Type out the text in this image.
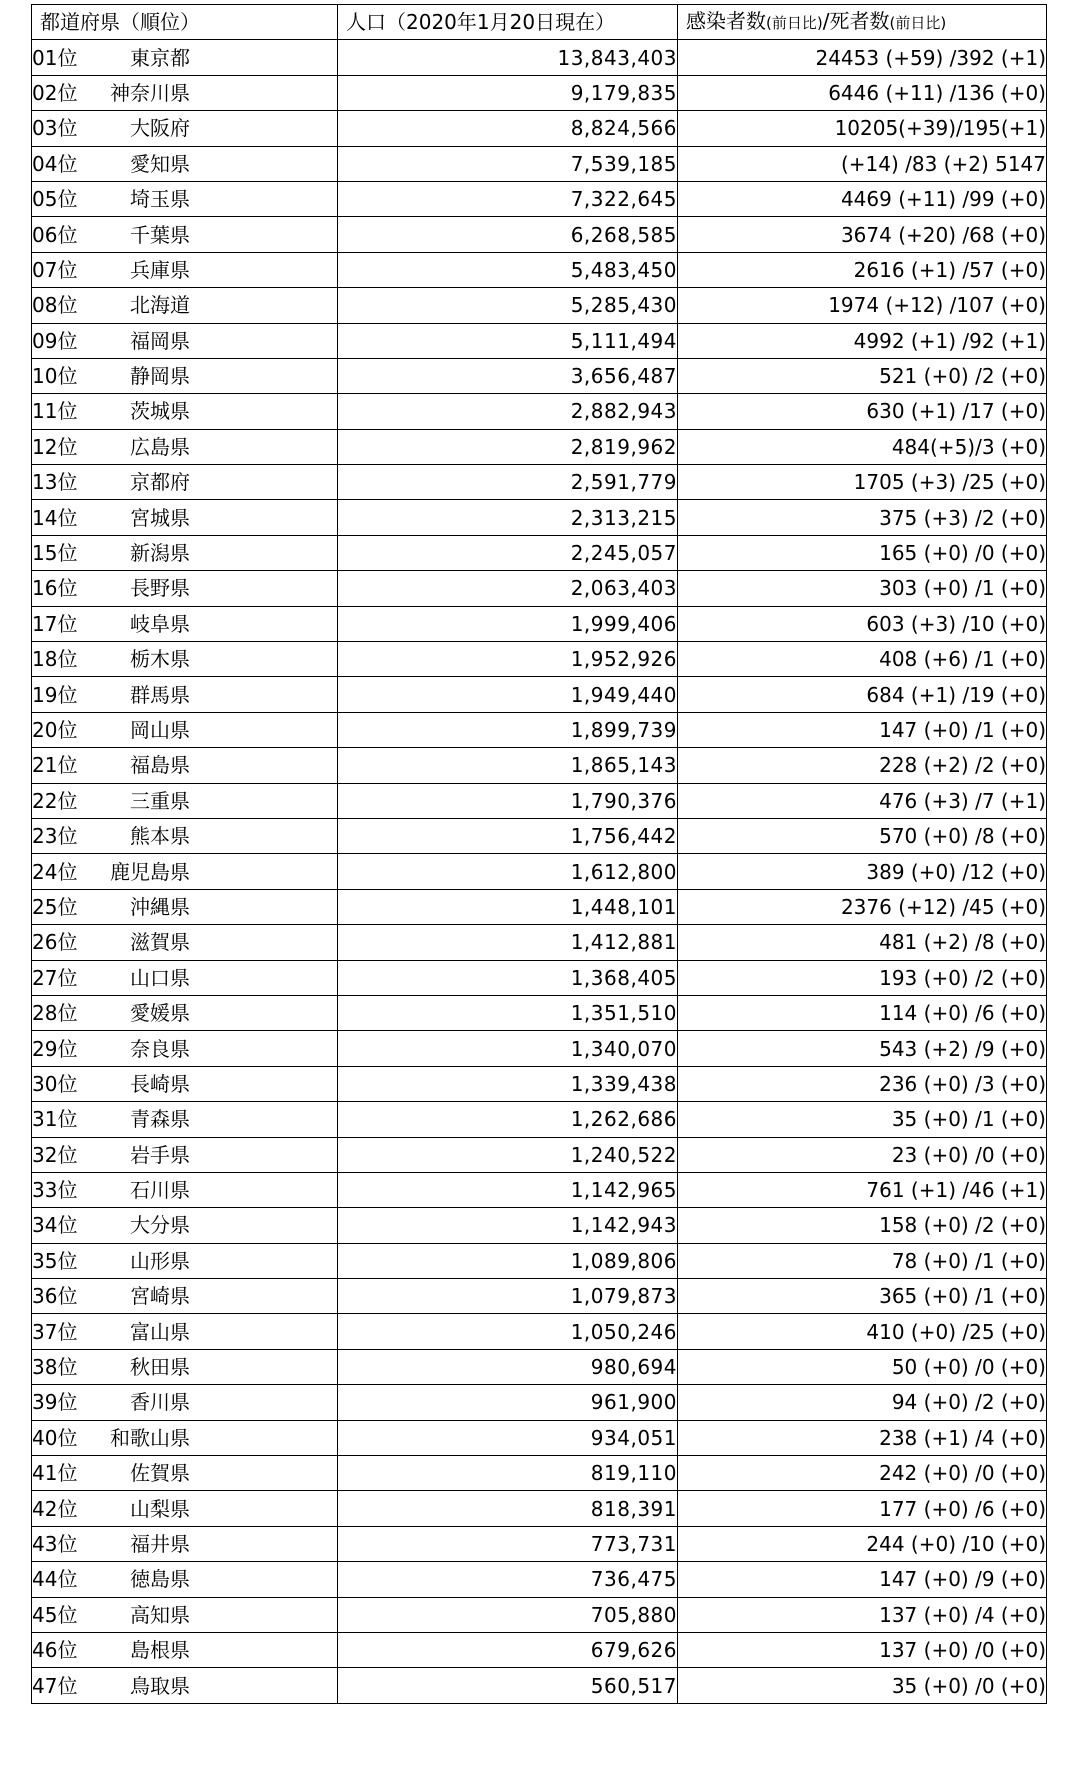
都道府県（順位）	人口（2020年1月20日現在）	感染者数(前日比)/死者数(前日比)
01位 東京都	13,843,403	24453 (+59) /392 (+1)
02位 神奈川県	9,179,835	6446 (+11) /136 (+0)
03位 大阪府	8,824,566	10205(+39)/195(+1)
04位 愛知県	7,539,185	(+14) /83 (+2) 5147
05位 埼玉県	7,322,645	4469 (+11) /99 (+0)
06位 千葉県	6,268,585	3674 (+20) /68 (+0)
07位 兵庫県	5,483,450	2616 (+1) /57 (+0)
08位 北海道	5,285,430	1974 (+12) /107 (+0)
09位 福岡県	5,111,494	4992 (+1) /92 (+1)
10位 静岡県	3,656,487	521 (+0) /2 (+0)
11位 茨城県	2,882,943	630 (+1) /17 (+0)
12位 広島県	2,819,962	484(+5)/3 (+0)
13位 京都府	2,591,779	1705 (+3) /25 (+0)
14位 宮城県	2,313,215	375 (+3) /2 (+0)
15位 新潟県	2,245,057	165 (+0) /0 (+0)
16位 長野県	2,063,403	303 (+0) /1 (+0)
17位 岐阜県	1,999,406	603 (+3) /10 (+0)
18位 栃木県	1,952,926	408 (+6) /1 (+0)
19位 群馬県	1,949,440	684 (+1) /19 (+0)
20位 岡山県	1,899,739	147 (+0) /1 (+0)
21位 福島県	1,865,143	228 (+2) /2 (+0)
22位 三重県	1,790,376	476 (+3) /7 (+1)
23位 熊本県	1,756,442	570 (+0) /8 (+0)
24位 鹿児島県	1,612,800	389 (+0) /12 (+0)
25位 沖縄県	1,448,101	2376 (+12) /45 (+0)
26位 滋賀県	1,412,881	481 (+2) /8 (+0)
27位 山口県	1,368,405	193 (+0) /2 (+0)
28位 愛媛県	1,351,510	114 (+0) /6 (+0)
29位 奈良県	1,340,070	543 (+2) /9 (+0)
30位 長崎県	1,339,438	236 (+0) /3 (+0)
31位 青森県	1,262,686	35 (+0) /1 (+0)
32位 岩手県	1,240,522	23 (+0) /0 (+0)
33位 石川県	1,142,965	761 (+1) /46 (+1)
34位 大分県	1,142,943	158 (+0) /2 (+0)
35位 山形県	1,089,806	78 (+0) /1 (+0)
36位 宮崎県	1,079,873	365 (+0) /1 (+0)
37位 富山県	1,050,246	410 (+0) /25 (+0)
38位 秋田県	980,694	50 (+0) /0 (+0)
39位 香川県	961,900	94 (+0) /2 (+0)
40位 和歌山県	934,051	238 (+1) /4 (+0)
41位 佐賀県	819,110	242 (+0) /0 (+0)
42位 山梨県	818,391	177 (+0) /6 (+0)
43位 福井県	773,731	244 (+0) /10 (+0)
44位 徳島県	736,475	147 (+0) /9 (+0)
45位 高知県	705,880	137 (+0) /4 (+0)
46位 島根県	679,626	137 (+0) /0 (+0)
47位 鳥取県	560,517	35 (+0) /0 (+0)
